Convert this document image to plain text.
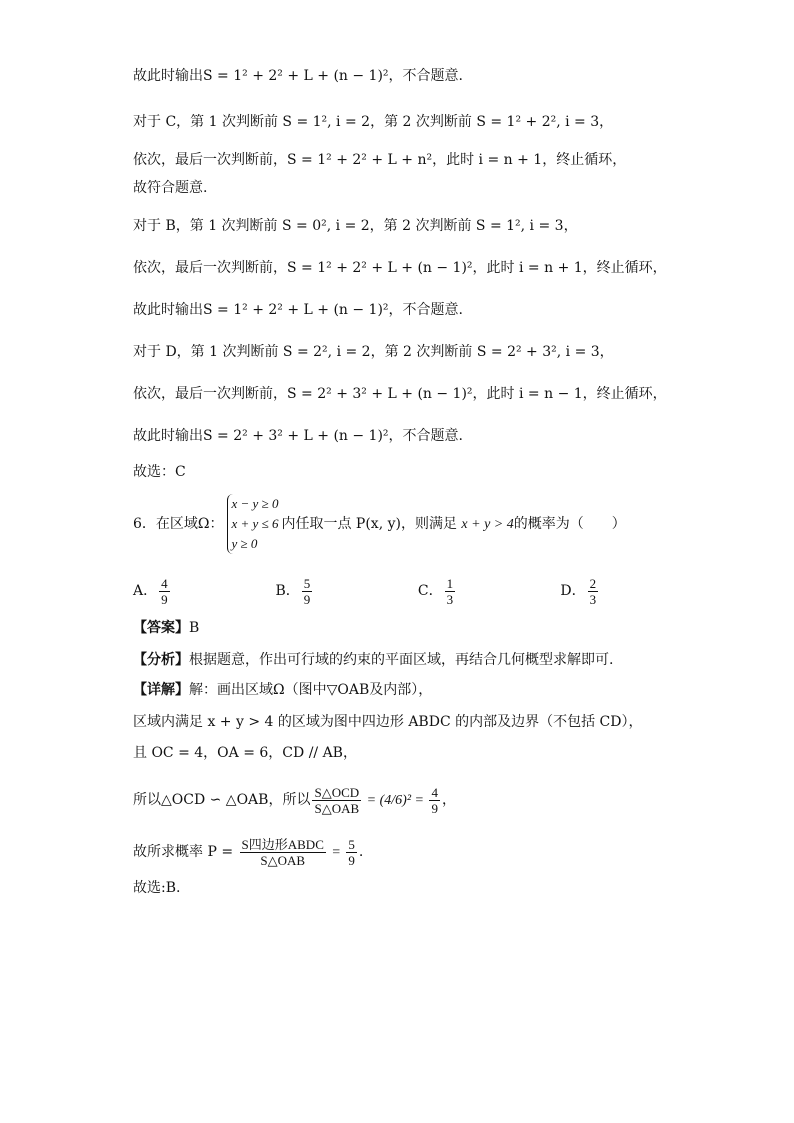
故此时输出S = 1² + 2² + L + (n − 1)²，不合题意.
对于 C，第 1 次判断前 S = 1², i = 2，第 2 次判断前 S = 1² + 2², i = 3，
依次，最后一次判断前，S = 1² + 2² + L + n²，此时 i = n + 1，终止循环，
故符合题意.
对于 B，第 1 次判断前 S = 0², i = 2，第 2 次判断前 S = 1², i = 3，
依次，最后一次判断前，S = 1² + 2² + L + (n − 1)²，此时 i = n + 1，终止循环，
故此时输出S = 1² + 2² + L + (n − 1)²，不合题意.
对于 D，第 1 次判断前 S = 2², i = 2，第 2 次判断前 S = 2² + 3², i = 3，
依次，最后一次判断前，S = 2² + 3² + L + (n − 1)²，此时 i = n − 1，终止循环，
故此时输出S = 2² + 3² + L + (n − 1)²，不合题意.
故选：C
6．在区域Ω：
x − y ≥ 0
x + y ≤ 6
y ≥ 0
内任取一点 P(x, y)，则满足 x + y > 4的概率为（　　）
A． $\frac{4}{9}$	B． $\frac{5}{9}$	C． $\frac{1}{3}$	D． $\frac{2}{3}$
【答案】B
【分析】根据题意，作出可行域的约束的平面区域，再结合几何概型求解即可.
【详解】解：画出区域Ω（图中▽OAB及内部），
区域内满足 x + y > 4 的区域为图中四边形 ABDC 的内部及边界（不包括 CD），
且 OC = 4，OA = 6，CD // AB，
所以△OCD ∽ △OAB，所以 $\frac{\text{S△OCD}}{\text{S△OAB}} = (4/6)^2 = \frac{4}{9}$ ，
故所求概率 $P = \frac{\text{S四边形ABDC}}{\text{S△OAB}} = \frac{5}{9}$ .
故选:B.
